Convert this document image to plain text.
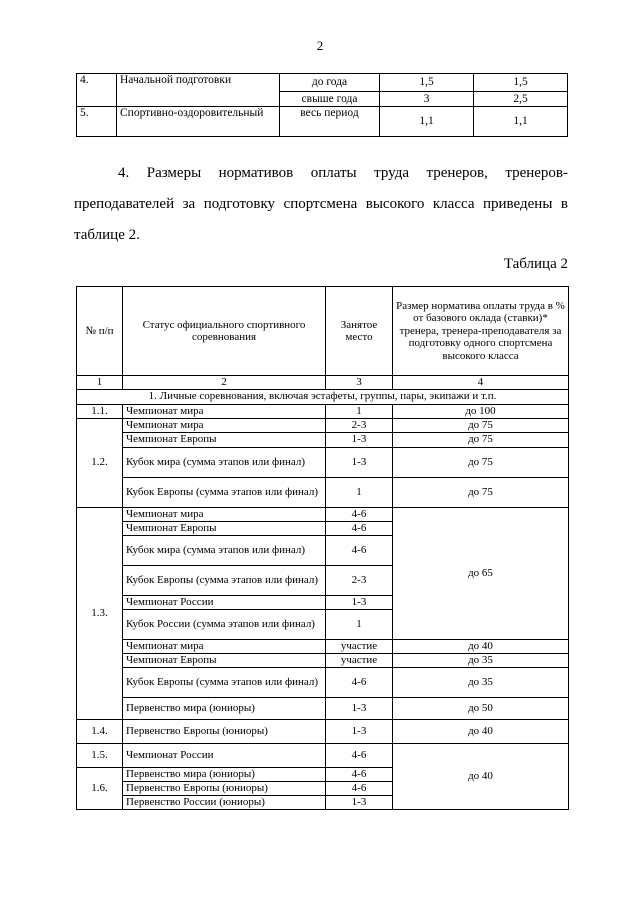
2
4.	Начальной подготовки	до года	1,5	1,5
		свыше года	3	2,5
5.	Спортивно-оздоровительный	весь период	1,1	1,1
4. Размеры нормативов оплаты труда тренеров, тренеров-
преподавателей за подготовку спортсмена высокого класса приведены в
таблице 2.
Таблица 2
№ п/п	Статус официального спортивного соревнования	Занятое место	Размер норматива оплаты труда в % от базового оклада (ставки)* тренера, тренера-преподавателя за подготовку одного спортсмена высокого класса
1	2	3	4
1. Личные соревнования, включая эстафеты, группы, пары, экипажи и т.п.			
1.1.	Чемпионат мира	1	до 100
1.2.	Чемпионат мира	2-3	до 75
	Чемпионат Европы	1-3	до 75
	Кубок мира (сумма этапов или финал)	1-3	до 75
	Кубок Европы (сумма этапов или финал)	1	до 75
1.3.	Чемпионат мира	4-6	до 65
	Чемпионат Европы	4-6	
	Кубок мира (сумма этапов или финал)	4-6	
	Кубок Европы (сумма этапов или финал)	2-3	
	Чемпионат России	1-3	
	Кубок России (сумма этапов или финал)	1	
	Чемпионат мира	участие	до 40
	Чемпионат Европы	участие	до 35
	Кубок Европы (сумма этапов или финал)	4-6	до 35
	Первенство мира (юниоры)	1-3	до 50
1.4.	Первенство Европы (юниоры)	1-3	до 40
1.5.	Чемпионат России	4-6	до 40
1.6.	Первенство мира (юниоры)	4-6	
	Первенство Европы (юниоры)	4-6	
	Первенство России (юниоры)	1-3	
